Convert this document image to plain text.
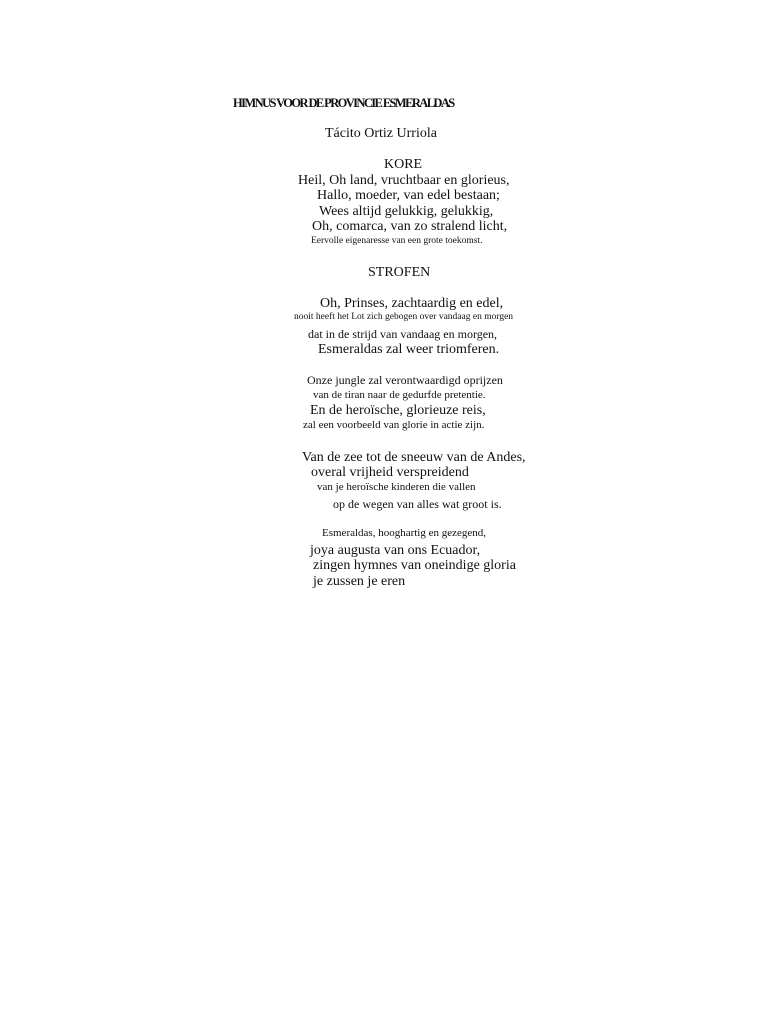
HIMNUS VOOR DE PROVINCIE ESMERALDAS
Tácito Ortiz Urriola
KORE
Heil, Oh land, vruchtbaar en glorieus,
Hallo, moeder, van edel bestaan;
Wees altijd gelukkig, gelukkig,
Oh, comarca, van zo stralend licht,
Eervolle eigenaresse van een grote toekomst.
STROFEN
Oh, Prinses, zachtaardig en edel,
nooit heeft het Lot zich gebogen over vandaag en morgen
dat in de strijd van vandaag en morgen,
Esmeraldas zal weer triomferen.
Onze jungle zal verontwaardigd oprijzen
van de tiran naar de gedurfde pretentie.
En de heroïsche, glorieuze reis,
zal een voorbeeld van glorie in actie zijn.
Van de zee tot de sneeuw van de Andes,
overal vrijheid verspreidend
van je heroïsche kinderen die vallen
op de wegen van alles wat groot is.
Esmeraldas, hooghartig en gezegend,
joya augusta van ons Ecuador,
zingen hymnes van oneindige gloria
je zussen je eren
